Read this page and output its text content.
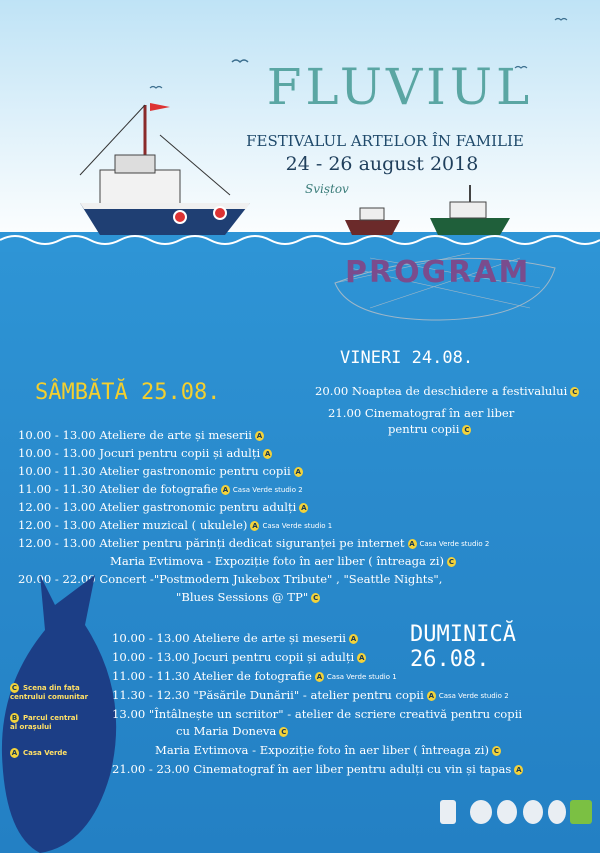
FLUVIUL
FESTIVALUL ARTELOR ÎN FAMILIE
24 - 26 august 2018
Sviștov
PROGRAM
VINERI 24.08.
20.00 Noaptea de deschidere a festivalului C
21.00 Cinematograf în aer liber
pentru copii C
SÂMBĂTĂ 25.08.
10.00 - 13.00 Ateliere de arte și meserii A
10.00 - 13.00 Jocuri pentru copii și adulți A
10.00 - 11.30 Atelier gastronomic pentru copii A
11.00 - 11.30 Atelier de fotografie A Casa Verde studio 2
12.00 - 13.00 Atelier gastronomic pentru adulți A
12.00 - 13.00 Atelier muzical ( ukulele) A Casa Verde studio 1
12.00 - 13.00 Atelier pentru părinți dedicat siguranței pe internet A Casa Verde studio 2
Maria Evtimova - Expoziție foto în aer liber ( întreaga zi) C
20.00 - 22.00 Concert -"Postmodern Jukebox Tribute" , "Seattle Nights",
"Blues Sessions @ TP" C
C Scena din fața centrului comunitar
B Parcul central al orașului
A Casa Verde
DUMINICĂ 26.08.
10.00 - 13.00 Ateliere de arte și meserii A
10.00 - 13.00 Jocuri pentru copii și adulți A
11.00 - 11.30 Atelier de fotografie A Casa Verde studio 1
11.30 - 12.30 "Păsările Dunării" - atelier pentru copii A Casa Verde studio 2
13.00 "Întâlnește un scriitor" - atelier de scriere creativă pentru copii
cu Maria Doneva C
Maria Evtimova - Expoziție foto în aer liber ( întreaga zi) C
21.00 - 23.00 Cinematograf în aer liber pentru adulți cu vin și tapas A
